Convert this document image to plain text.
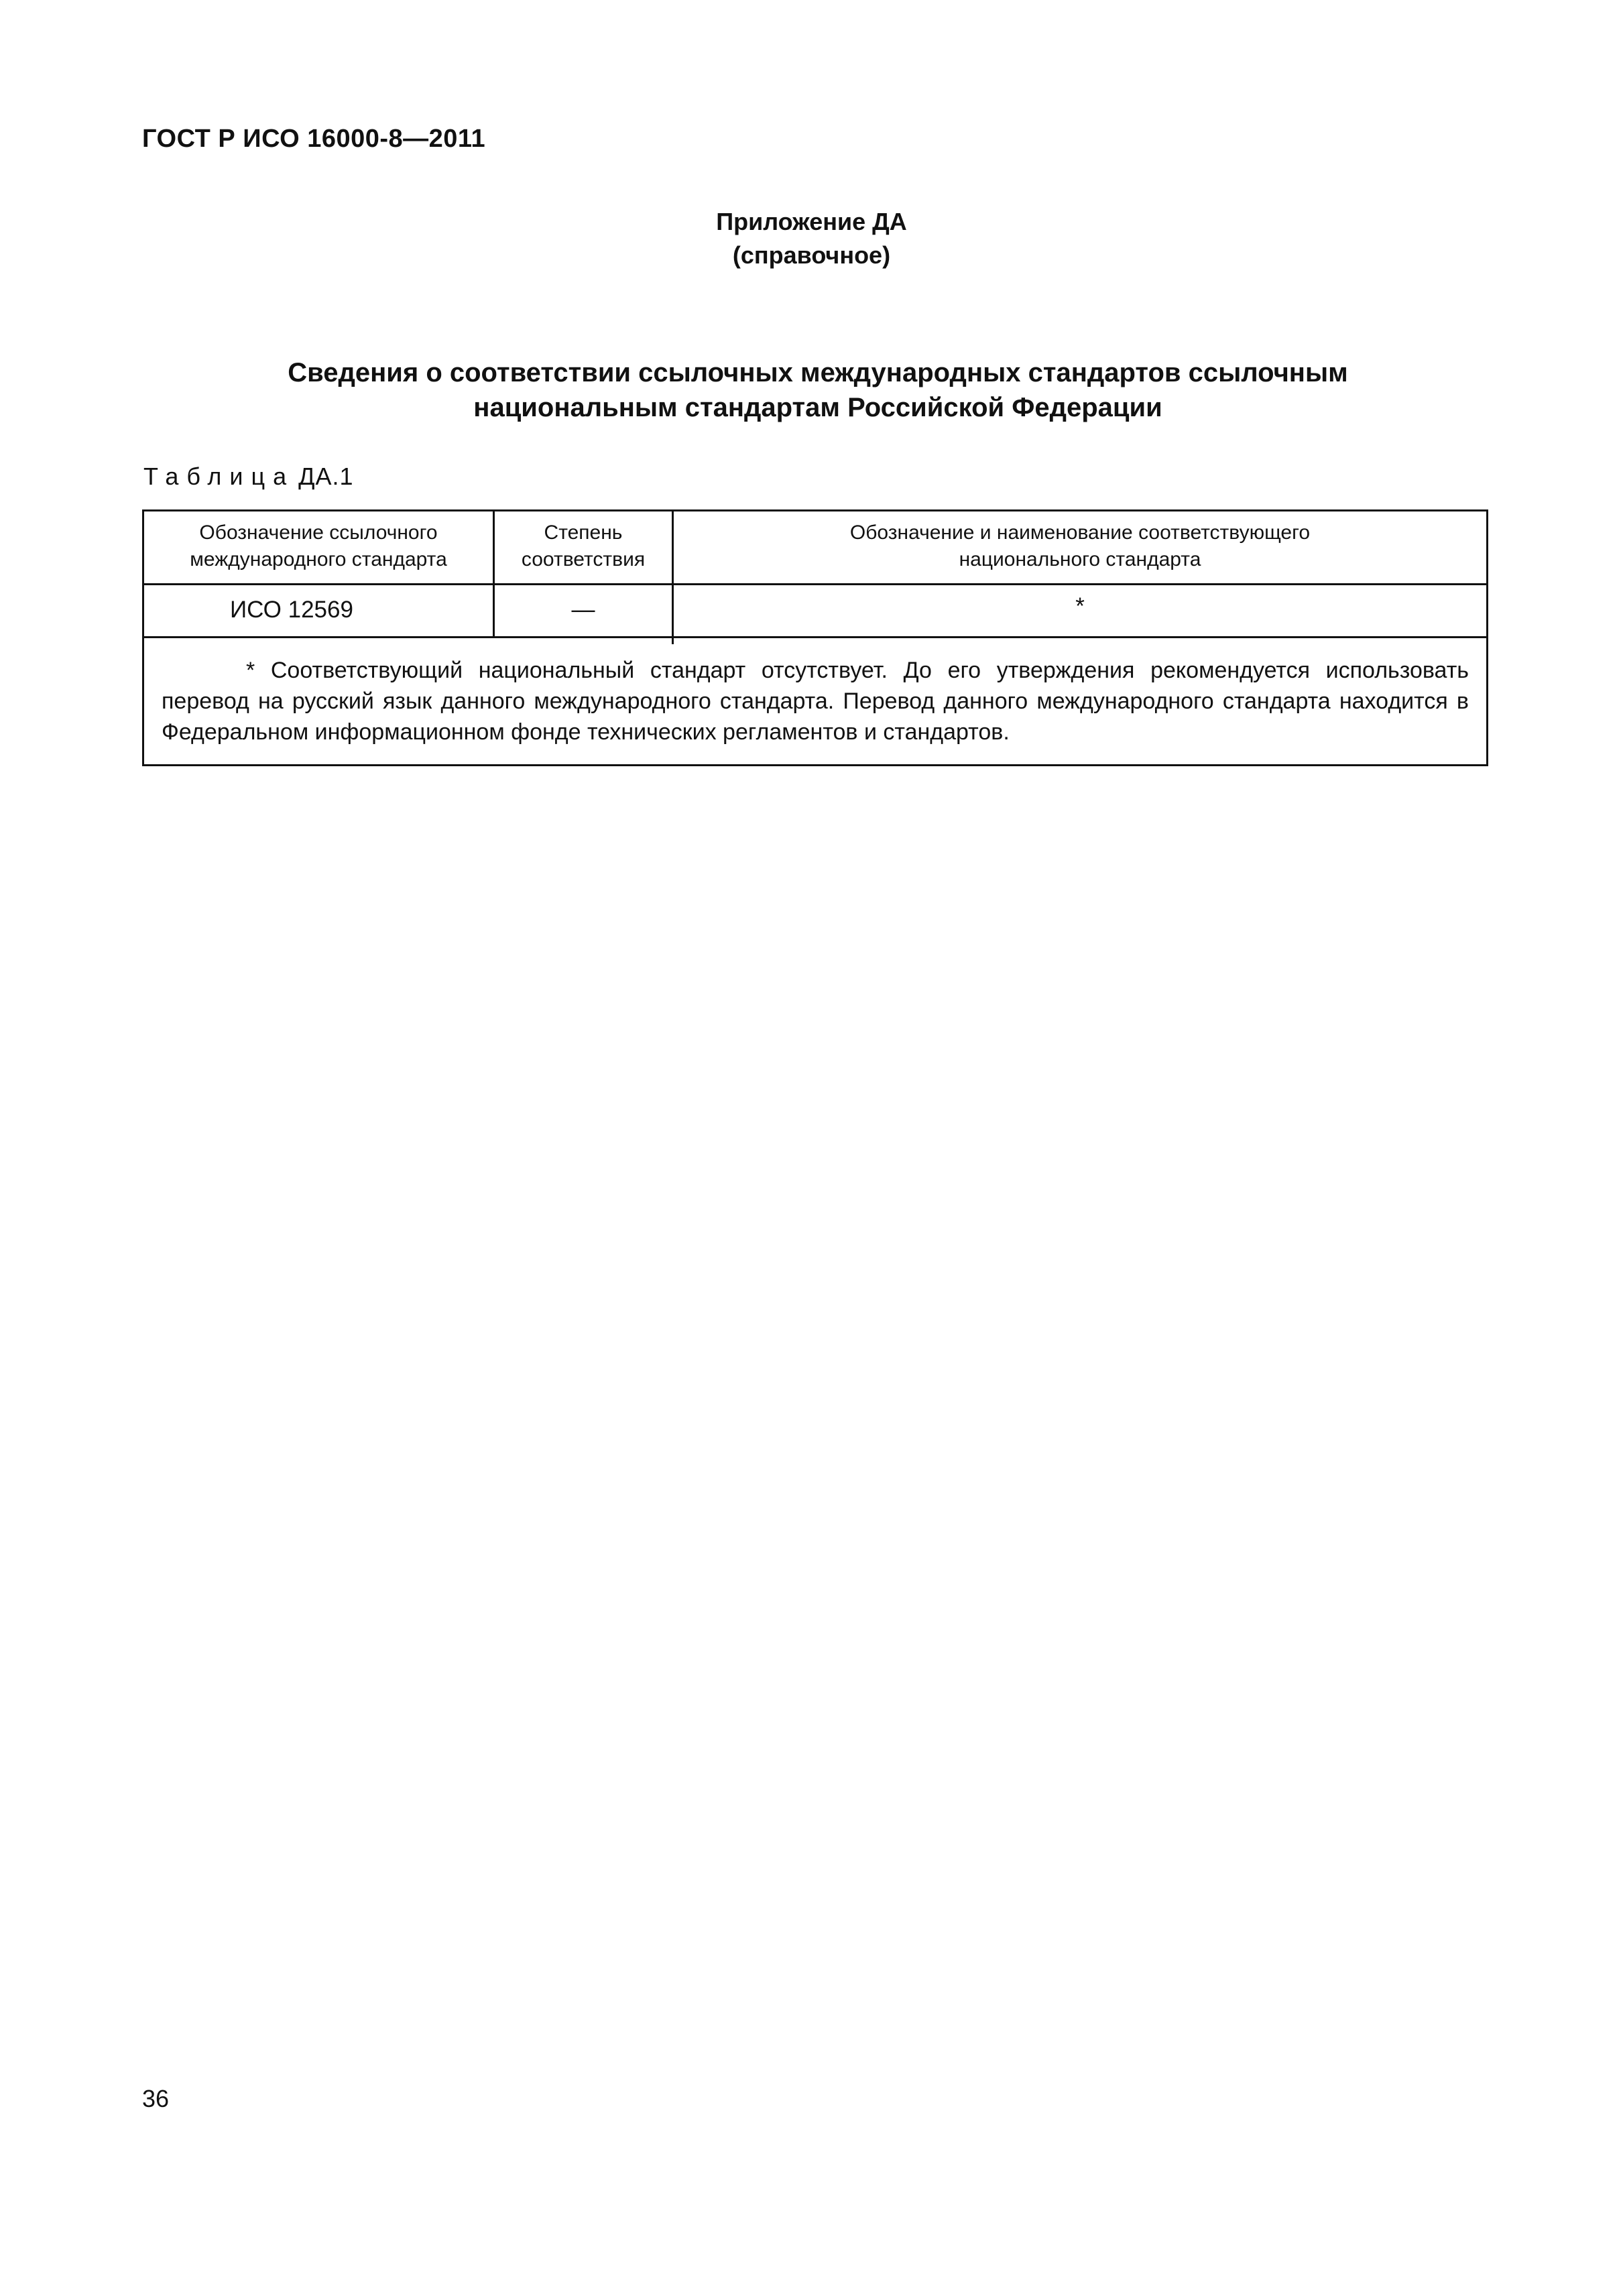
ГОСТ Р ИСО 16000-8—2011
Приложение ДА
(справочное)
Сведения о соответствии ссылочных международных стандартов ссылочным
национальным стандартам Российской Федерации
Таблица ДА.1
Обозначение ссылочного
международного стандарта
Степень
соответствия
Обозначение и наименование соответствующего
национального стандарта
ИСО 12569	—	*
* Соответствующий национальный стандарт отсутствует. До его утверждения рекомендуется использовать перевод на русский язык данного международного стандарта. Перевод данного международного стандарта находится в Федеральном информационном фонде технических регламентов и стандартов.
36
